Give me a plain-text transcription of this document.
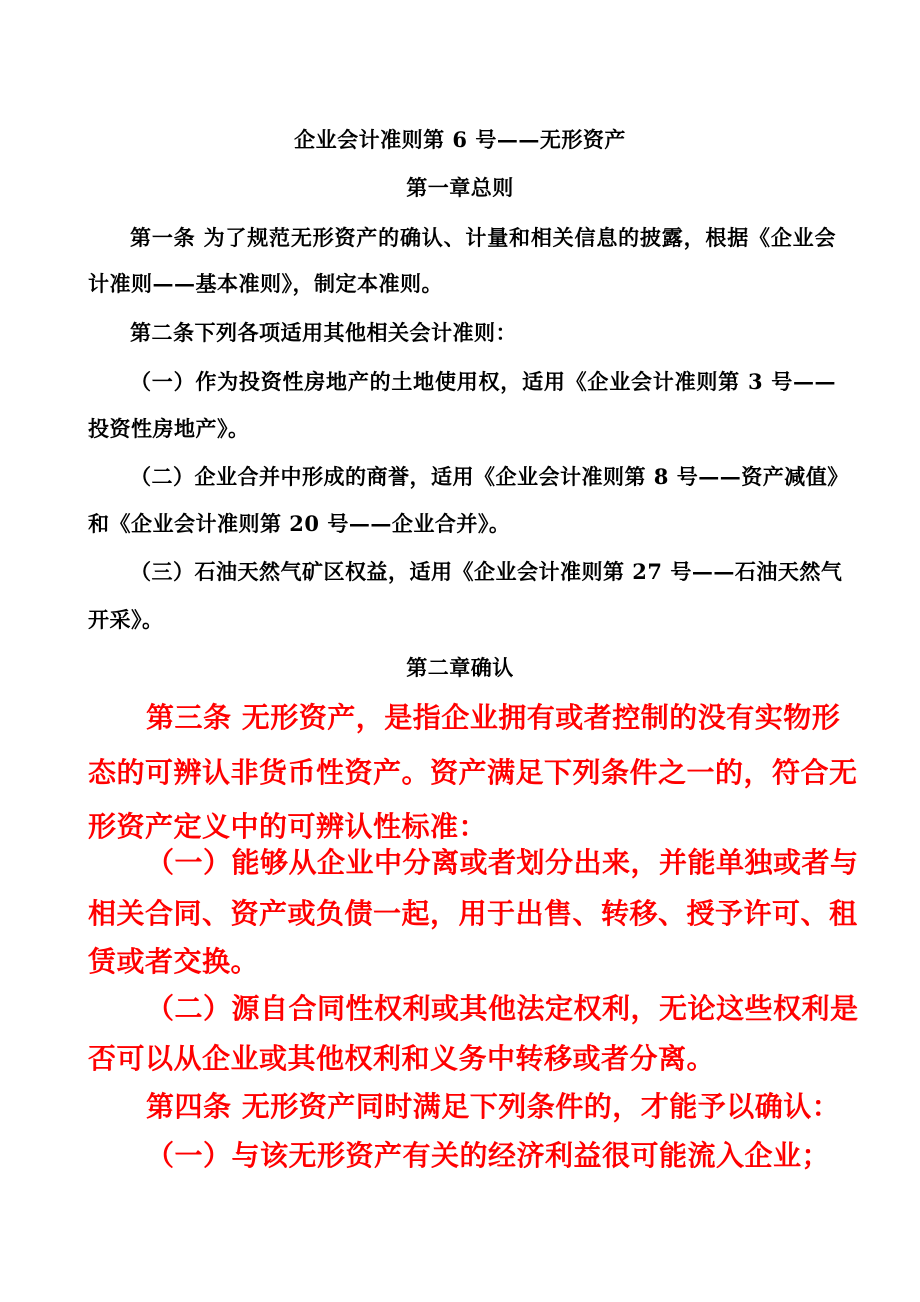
企业会计准则第 6 号——无形资产
第一章总则
第一条 为了规范无形资产的确认、计量和相关信息的披露，根据《企业会
计准则——基本准则》，制定本准则。
第二条下列各项适用其他相关会计准则：
（一）作为投资性房地产的土地使用权，适用《企业会计准则第 3 号——
投资性房地产》。
（二）企业合并中形成的商誉，适用《企业会计准则第 8 号——资产减值》
和《企业会计准则第 20 号——企业合并》。
（三）石油天然气矿区权益，适用《企业会计准则第 27 号——石油天然气
开采》。
第二章确认
第三条 无形资产，是指企业拥有或者控制的没有实物形
态的可辨认非货币性资产。资产满足下列条件之一的，符合无
形资产定义中的可辨认性标准：
（一）能够从企业中分离或者划分出来，并能单独或者与
相关合同、资产或负债一起，用于出售、转移、授予许可、租
赁或者交换。
（二）源自合同性权利或其他法定权利，无论这些权利是
否可以从企业或其他权利和义务中转移或者分离。
第四条 无形资产同时满足下列条件的，才能予以确认：
（一）与该无形资产有关的经济利益很可能流入企业；
